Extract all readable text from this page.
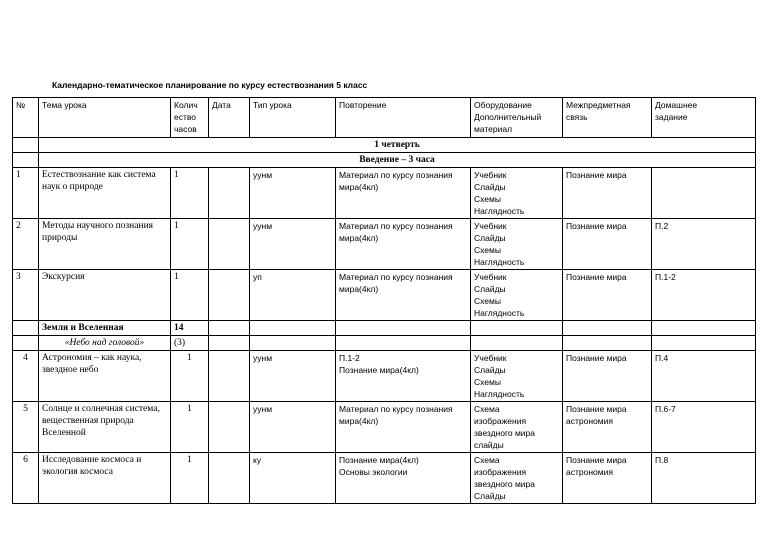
Календарно-тематическое планирование по курсу естествознания 5 класс
№	Тема урока	Колич
ество
часов	Дата	Тип урока	Повторение	Оборудование
Дополнительный
материал	Межпредметная
связь	Домашнее
задание
	1 четверть							
	Введение – 3 часа							
1	Естествознание как система наук о природе	1		уунм	Материал по курсу познания мира(4кл)	Учебник
Слайды
Схемы
Наглядность	Познание мира	
2	Методы научного познания природы	1		уунм	Материал по курсу познания мира(4кл)	Учебник
Слайды
Схемы
Наглядность	Познание мира	П.2
3	Экскурсия	1		уп	Материал по курсу познания мира(4кл)	Учебник
Слайды
Схемы
Наглядность	Познание мира	П.1-2
	Земля и Вселенная	14						
	«Небо над головой»	(3)						
4	Астрономия – как наука, звездное небо	1		уунм	П.1-2
Познание мира(4кл)	Учебник
Слайды
Схемы
Наглядность	Познание мира	П.4
5	Солнце и солнечная система, вещественная природа Вселенной	1		уунм	Материал по курсу познания мира(4кл)	Схема
изображения
звездного мира
слайды	Познание мира
астрономия	П.6-7
6	Исследование космоса и экология космоса	1		ку	Познание мира(4кл)
Основы экологии	Схема
изображения
звездного мира
Слайды	Познание мира
астрономия	П.8
